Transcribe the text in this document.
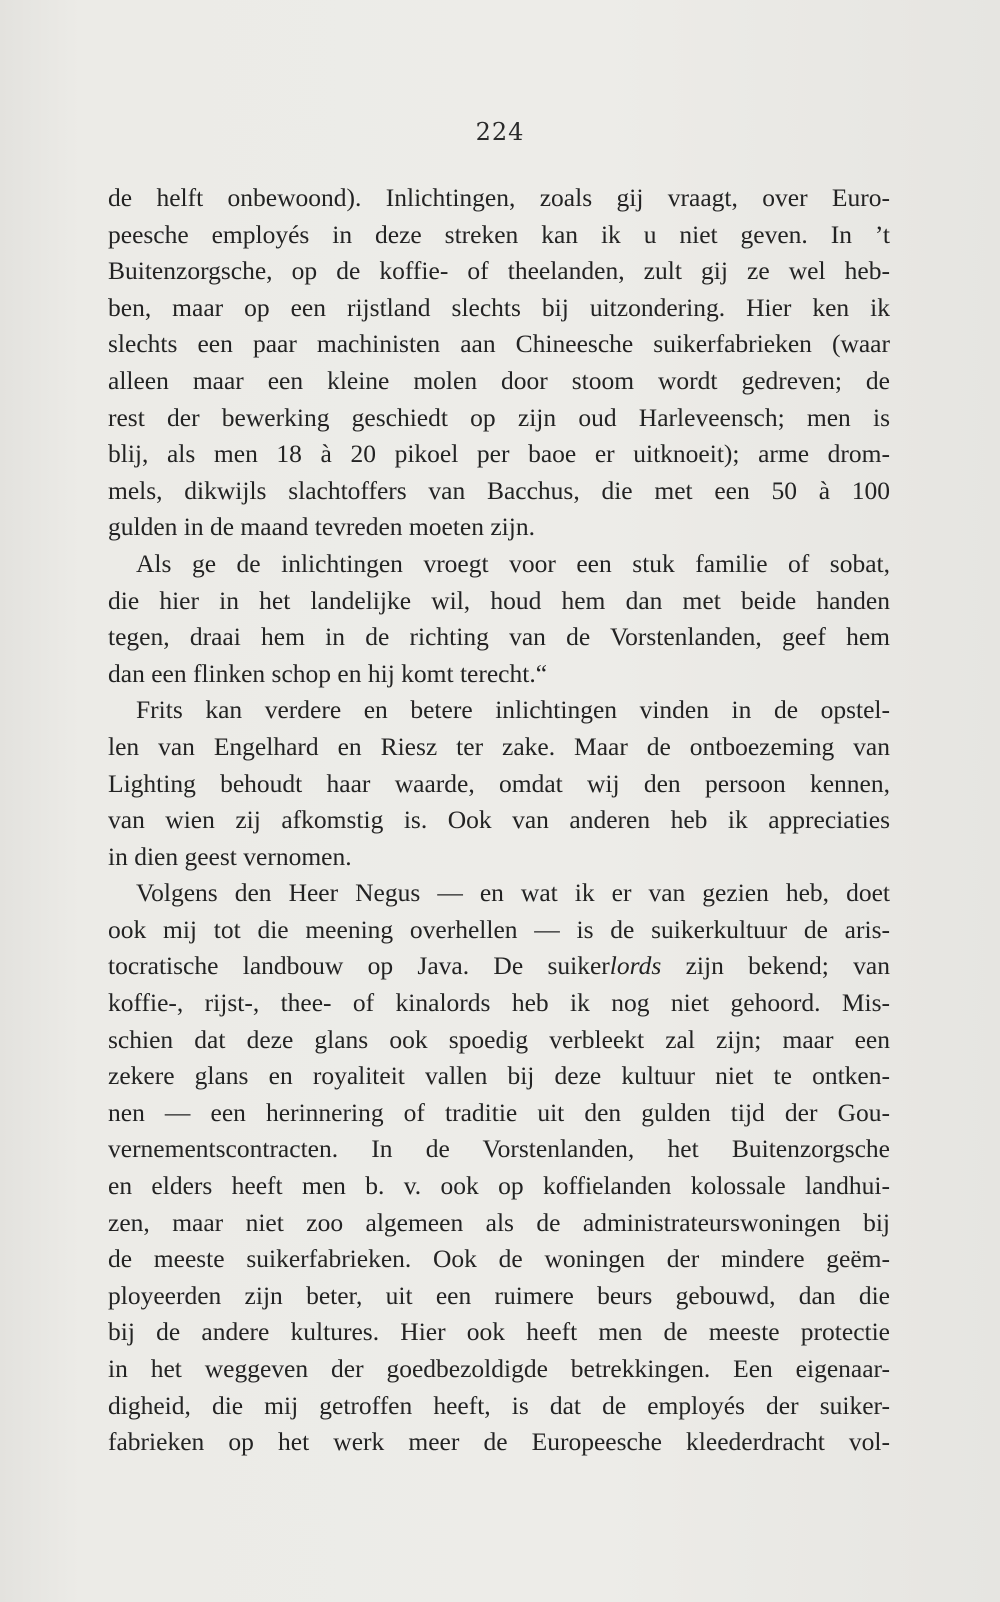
224
de helft onbewoond). Inlichtingen, zoals gij vraagt, over Euro-
peesche employés in deze streken kan ik u niet geven. In ’t
Buitenzorgsche, op de koffie- of theelanden, zult gij ze wel heb-
ben, maar op een rijstland slechts bij uitzondering. Hier ken ik
slechts een paar machinisten aan Chineesche suikerfabrieken (waar
alleen maar een kleine molen door stoom wordt gedreven; de
rest der bewerking geschiedt op zijn oud Harleveensch; men is
blij, als men 18 à 20 pikoel per baoe er uitknoeit); arme drom-
mels, dikwijls slachtoffers van Bacchus, die met een 50 à 100
gulden in de maand tevreden moeten zijn.
Als ge de inlichtingen vroegt voor een stuk familie of sobat,
die hier in het landelijke wil, houd hem dan met beide handen
tegen, draai hem in de richting van de Vorstenlanden, geef hem
dan een flinken schop en hij komt terecht.“
Frits kan verdere en betere inlichtingen vinden in de opstel-
len van Engelhard en Riesz ter zake. Maar de ontboezeming van
Lighting behoudt haar waarde, omdat wij den persoon kennen,
van wien zij afkomstig is. Ook van anderen heb ik appreciaties
in dien geest vernomen.
Volgens den Heer Negus — en wat ik er van gezien heb, doet
ook mij tot die meening overhellen — is de suikerkultuur de aris-
tocratische landbouw op Java. De suikerlords zijn bekend; van
koffie-, rijst-, thee- of kinalords heb ik nog niet gehoord. Mis-
schien dat deze glans ook spoedig verbleekt zal zijn; maar een
zekere glans en royaliteit vallen bij deze kultuur niet te ontken-
nen — een herinnering of traditie uit den gulden tijd der Gou-
vernementscontracten. In de Vorstenlanden, het Buitenzorgsche
en elders heeft men b. v. ook op koffielanden kolossale landhui-
zen, maar niet zoo algemeen als de administrateurswoningen bij
de meeste suikerfabrieken. Ook de woningen der mindere geëm-
ployeerden zijn beter, uit een ruimere beurs gebouwd, dan die
bij de andere kultures. Hier ook heeft men de meeste protectie
in het weggeven der goedbezoldigde betrekkingen. Een eigenaar-
digheid, die mij getroffen heeft, is dat de employés der suiker-
fabrieken op het werk meer de Europeesche kleederdracht vol-
